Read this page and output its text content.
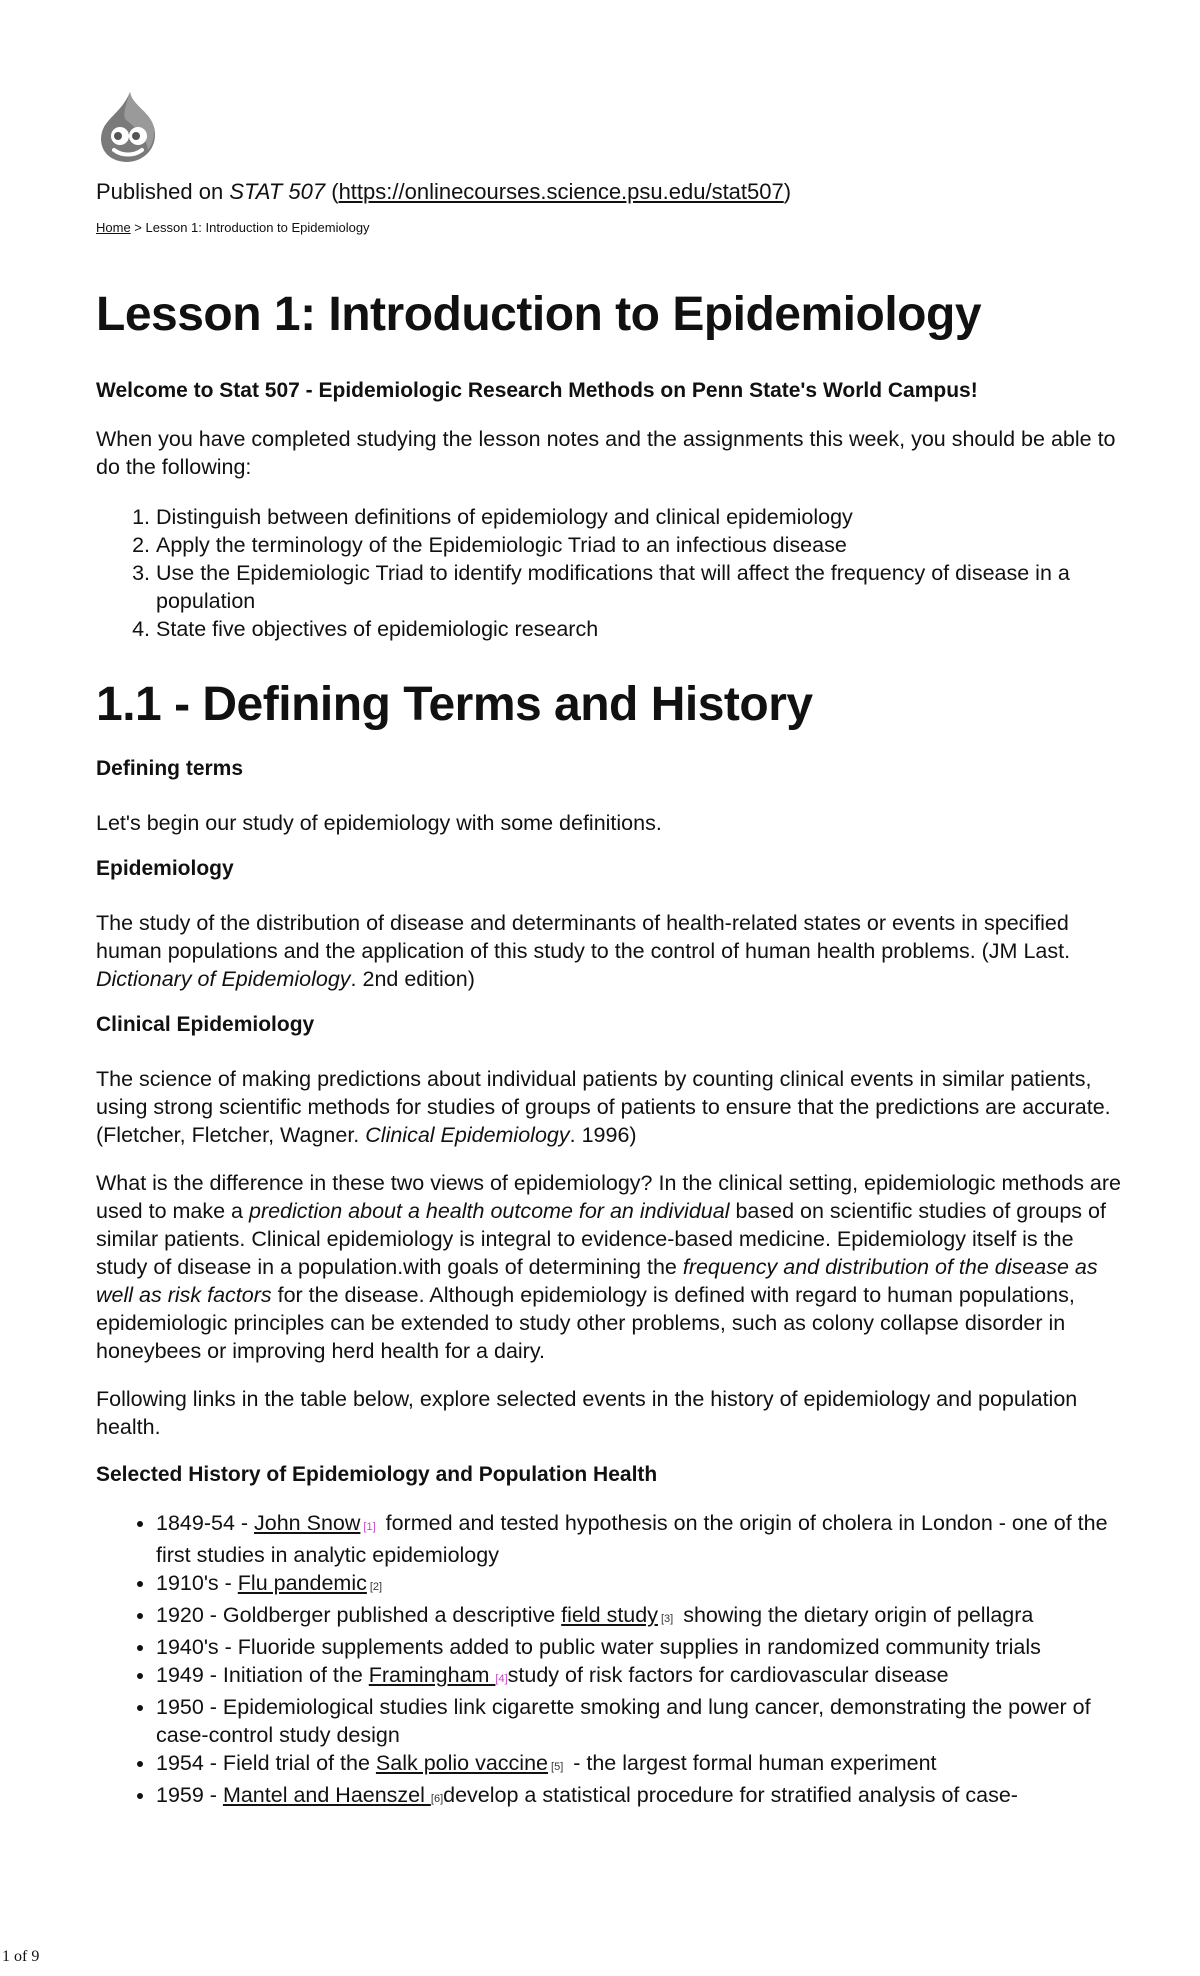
Published on STAT 507 (https://onlinecourses.science.psu.edu/stat507)
Home > Lesson 1: Introduction to Epidemiology
Lesson 1: Introduction to Epidemiology
Welcome to Stat 507 - Epidemiologic Research Methods on Penn State's World Campus!

When you have completed studying the lesson notes and the assignments this week, you should be able to do the following:

1. Distinguish between definitions of epidemiology and clinical epidemiology
2. Apply the terminology of the Epidemiologic Triad to an infectious disease
3. Use the Epidemiologic Triad to identify modifications that will affect the frequency of disease in a population
4. State five objectives of epidemiologic research
1.1 - Defining Terms and History
Defining terms

Let's begin our study of epidemiology with some definitions.

Epidemiology

The study of the distribution of disease and determinants of health-related states or events in specified human populations and the application of this study to the control of human health problems. (JM Last. Dictionary of Epidemiology. 2nd edition)

Clinical Epidemiology

The science of making predictions about individual patients by counting clinical events in similar patients, using strong scientific methods for studies of groups of patients to ensure that the predictions are accurate. (Fletcher, Fletcher, Wagner. Clinical Epidemiology. 1996)

What is the difference in these two views of epidemiology? In the clinical setting, epidemiologic methods are used to make a prediction about a health outcome for an individual based on scientific studies of groups of similar patients. Clinical epidemiology is integral to evidence-based medicine. Epidemiology itself is the study of disease in a population.with goals of determining the frequency and distribution of the disease as well as risk factors for the disease. Although epidemiology is defined with regard to human populations, epidemiologic principles can be extended to study other problems, such as colony collapse disorder in honeybees or improving herd health for a dairy.

Following links in the table below, explore selected events in the history of epidemiology and population health.

Selected History of Epidemiology and Population Health
• 1849-54 - John Snow [1] formed and tested hypothesis on the origin of cholera in London - one of the first studies in analytic epidemiology
• 1910's - Flu pandemic [2]
• 1920 - Goldberger published a descriptive field study [3] showing the dietary origin of pellagra
• 1940's - Fluoride supplements added to public water supplies in randomized community trials
• 1949 - Initiation of the Framingham [4]study of risk factors for cardiovascular disease
• 1950 - Epidemiological studies link cigarette smoking and lung cancer, demonstrating the power of case-control study design
• 1954 - Field trial of the Salk polio vaccine [5] - the largest formal human experiment
• 1959 - Mantel and Haenszel [6]develop a statistical procedure for stratified analysis of case-
1 of 9
